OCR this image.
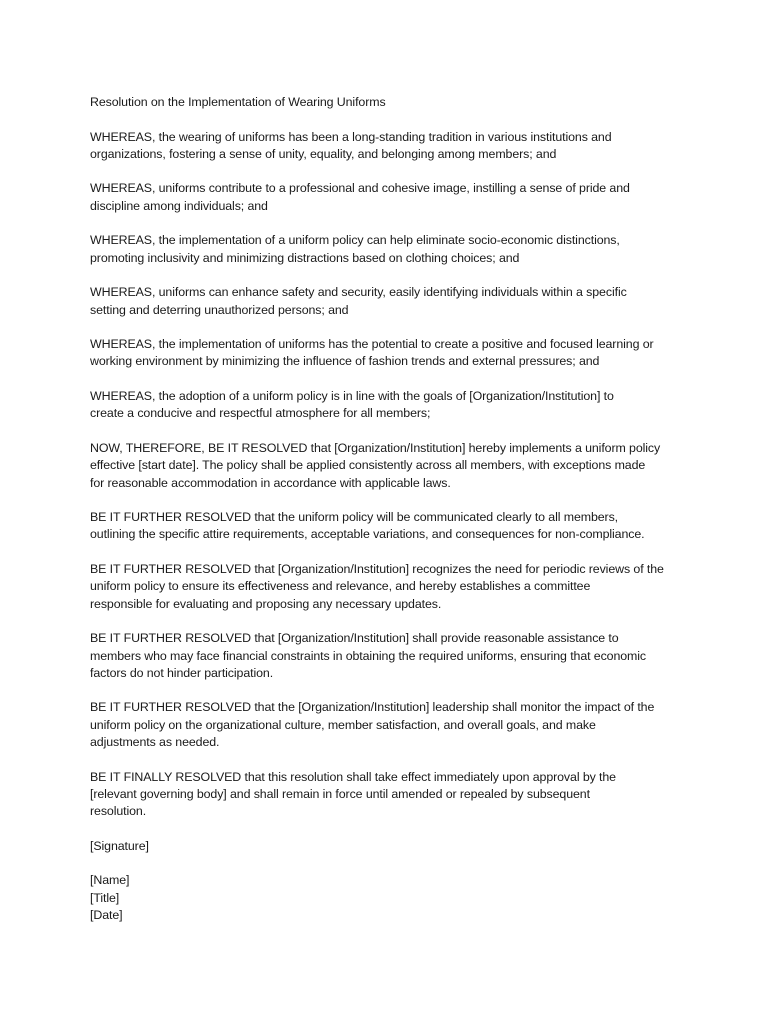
Resolution on the Implementation of Wearing Uniforms
WHEREAS, the wearing of uniforms has been a long-standing tradition in various institutions and
organizations, fostering a sense of unity, equality, and belonging among members; and
WHEREAS, uniforms contribute to a professional and cohesive image, instilling a sense of pride and
discipline among individuals; and
WHEREAS, the implementation of a uniform policy can help eliminate socio-economic distinctions,
promoting inclusivity and minimizing distractions based on clothing choices; and
WHEREAS, uniforms can enhance safety and security, easily identifying individuals within a specific
setting and deterring unauthorized persons; and
WHEREAS, the implementation of uniforms has the potential to create a positive and focused learning or
working environment by minimizing the influence of fashion trends and external pressures; and
WHEREAS, the adoption of a uniform policy is in line with the goals of [Organization/Institution] to
create a conducive and respectful atmosphere for all members;
NOW, THEREFORE, BE IT RESOLVED that [Organization/Institution] hereby implements a uniform policy
effective [start date]. The policy shall be applied consistently across all members, with exceptions made
for reasonable accommodation in accordance with applicable laws.
BE IT FURTHER RESOLVED that the uniform policy will be communicated clearly to all members,
outlining the specific attire requirements, acceptable variations, and consequences for non-compliance.
BE IT FURTHER RESOLVED that [Organization/Institution] recognizes the need for periodic reviews of the
uniform policy to ensure its effectiveness and relevance, and hereby establishes a committee
responsible for evaluating and proposing any necessary updates.
BE IT FURTHER RESOLVED that [Organization/Institution] shall provide reasonable assistance to
members who may face financial constraints in obtaining the required uniforms, ensuring that economic
factors do not hinder participation.
BE IT FURTHER RESOLVED that the [Organization/Institution] leadership shall monitor the impact of the
uniform policy on the organizational culture, member satisfaction, and overall goals, and make
adjustments as needed.
BE IT FINALLY RESOLVED that this resolution shall take effect immediately upon approval by the
[relevant governing body] and shall remain in force until amended or repealed by subsequent
resolution.
[Signature]
[Name]
[Title]
[Date]
